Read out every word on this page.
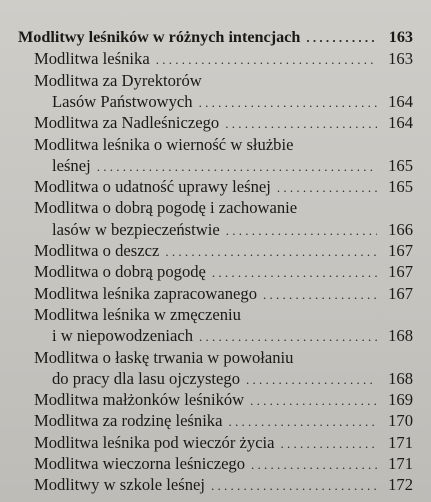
Modlitwy leśników w różnych intencjach . . .	163
Modlitwa leśnika . . .	163
Modlitwa za Dyrektorów
Lasów Państwowych . . .	164
Modlitwa za Nadleśniczego . . .	164
Modlitwa leśnika o wierność w służbie
leśnej . . .	165
Modlitwa o udatność uprawy leśnej . . .	165
Modlitwa o dobrą pogodę i zachowanie
lasów w bezpieczeństwie . . .	166
Modlitwa o deszcz . . .	167
Modlitwa o dobrą pogodę . . .	167
Modlitwa leśnika zapracowanego . . .	167
Modlitwa leśnika w zmęczeniu
i w niepowodzeniach . . .	168
Modlitwa o łaskę trwania w powołaniu
do pracy dla lasu ojczystego . . .	168
Modlitwa małżonków leśników . . .	169
Modlitwa za rodzinę leśnika . . .	170
Modlitwa leśnika pod wieczór życia . . .	171
Modlitwa wieczorna leśniczego . . .	171
Modlitwy w szkole leśnej . . .	172
